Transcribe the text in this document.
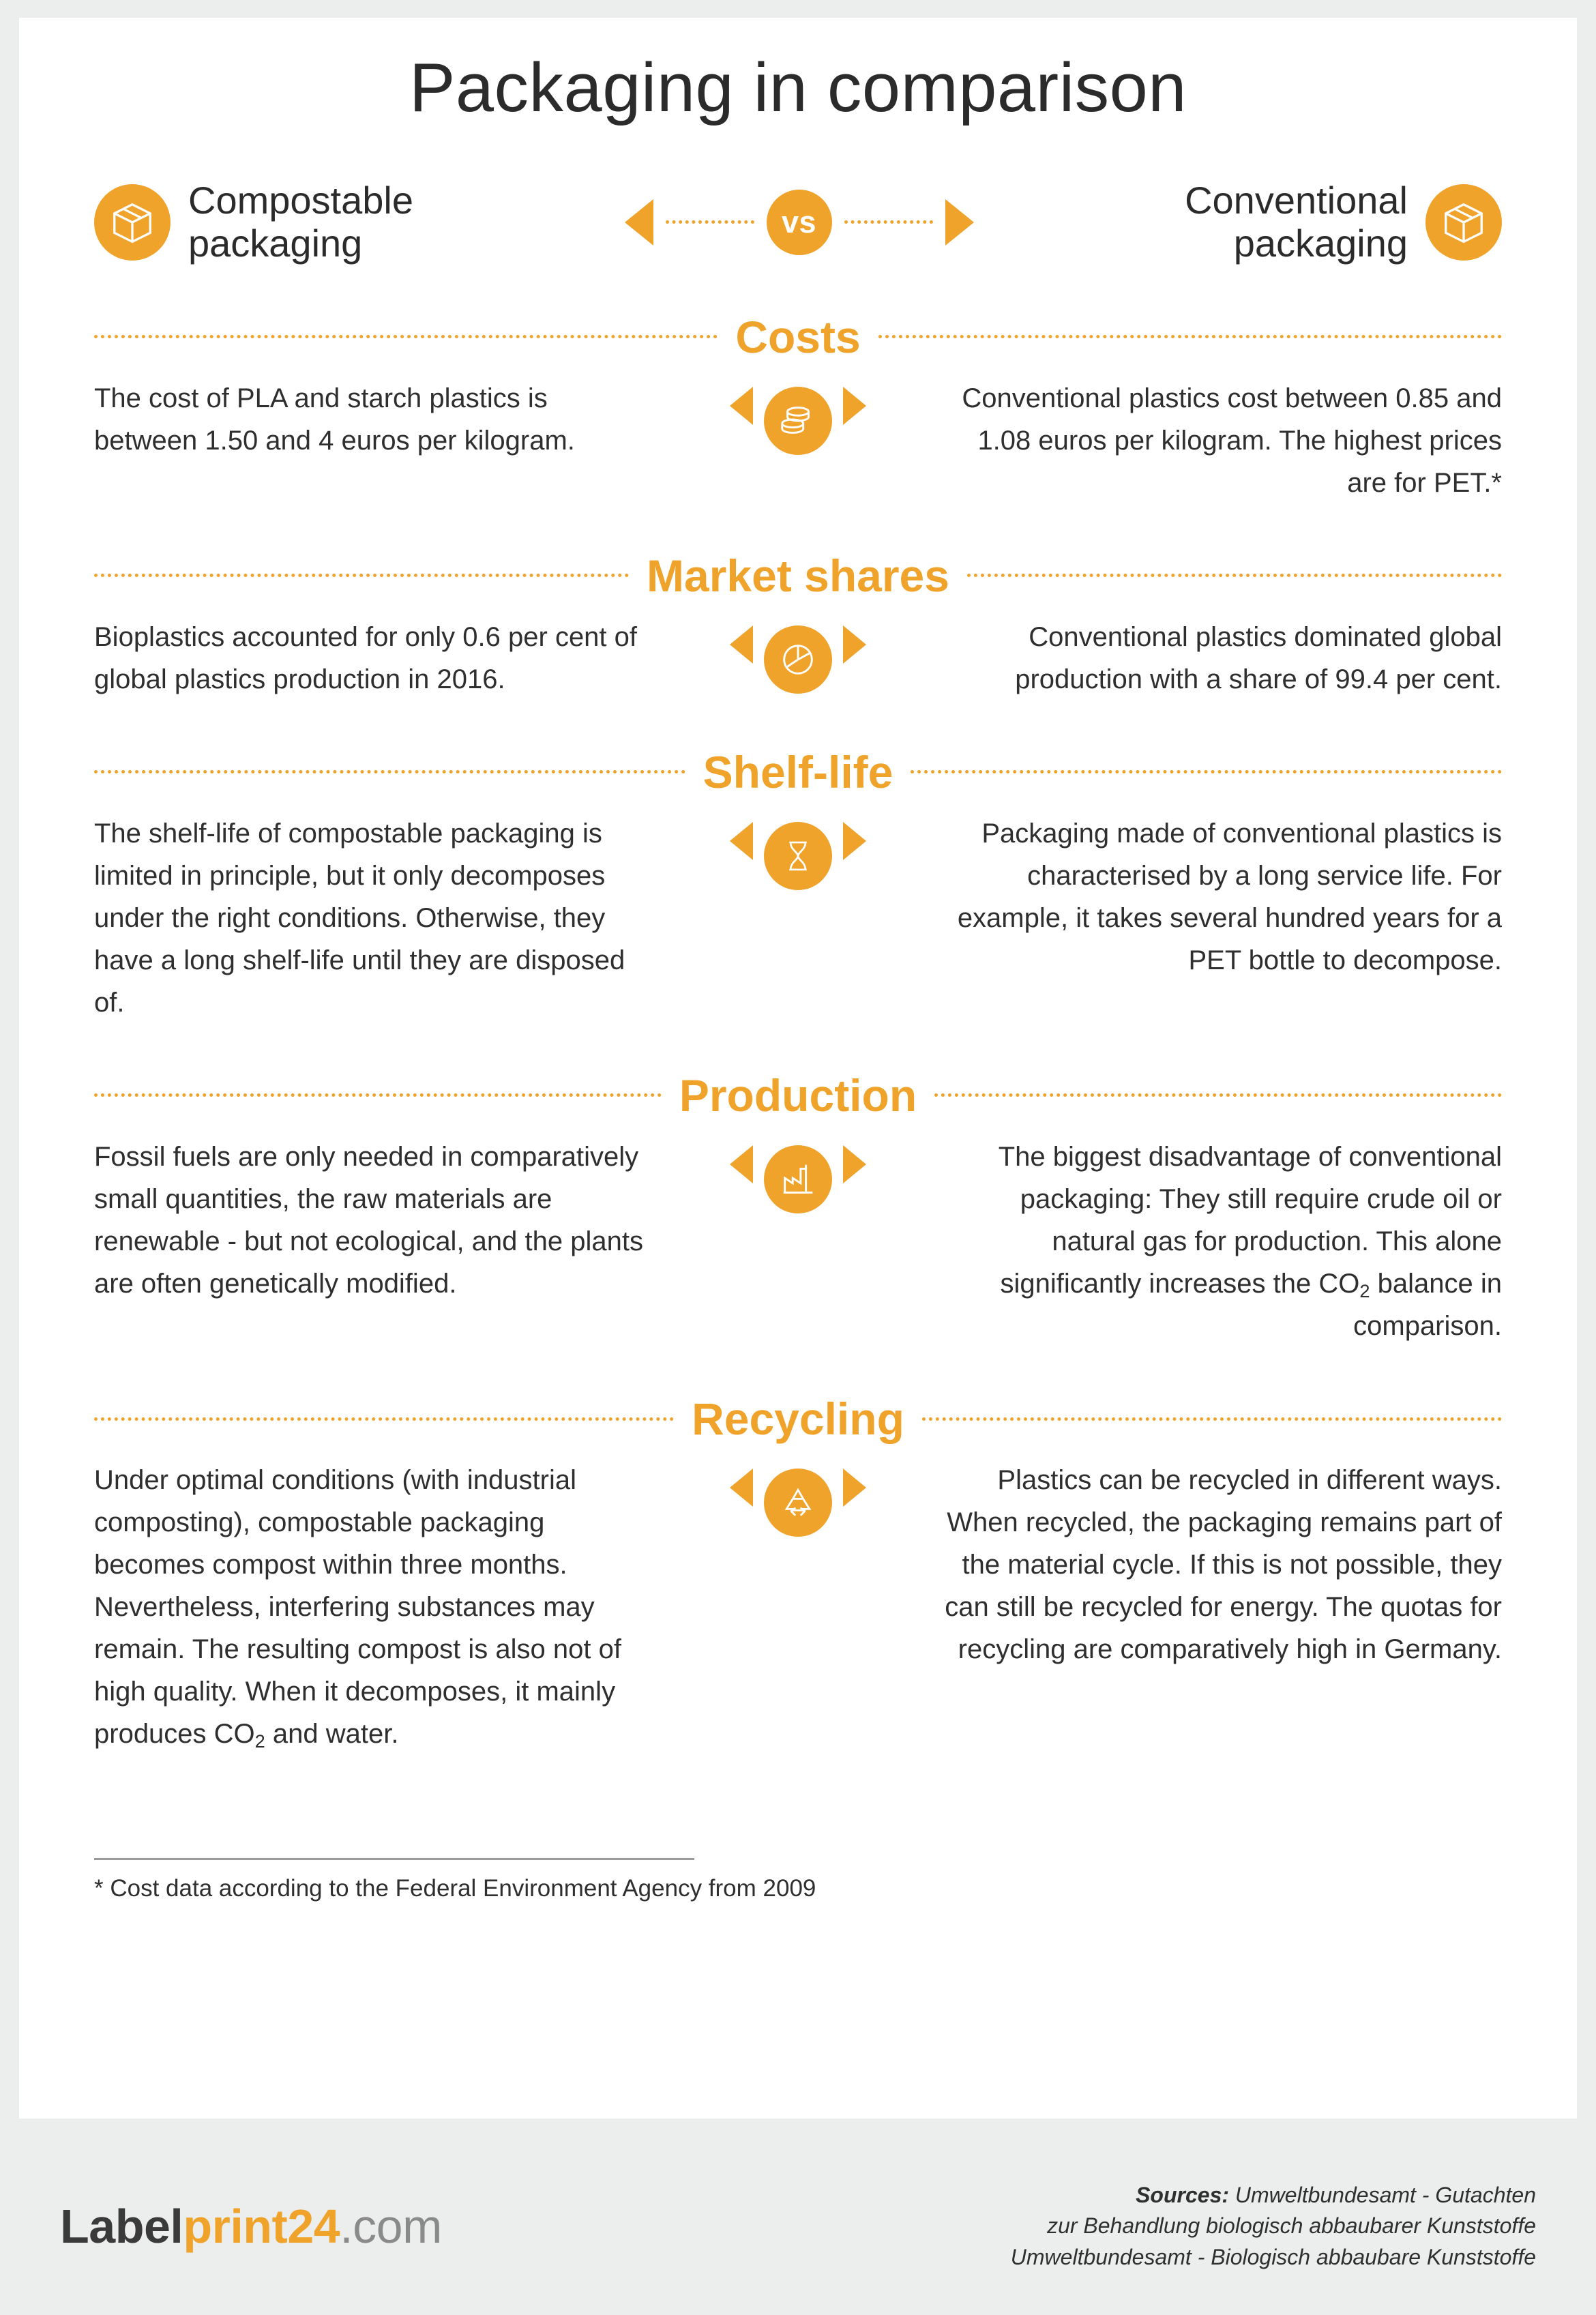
Packaging in comparison
Compostable
packaging	vs
Conventional
packaging
Costs
The cost of PLA and starch plastics is between 1.50 and 4 euros per kilogram.
Conventional plastics cost between 0.85 and 1.08 euros per kilogram. The highest prices are for PET.*
Market shares
Bioplastics accounted for only 0.6 per cent of global plastics production in 2016.
Conventional plastics dominated global production with a share of 99.4 per cent.
Shelf-life
The shelf-life of compostable packaging is limited in principle, but it only decomposes under the right conditions. Otherwise, they have a long shelf-life until they are disposed of.
Packaging made of conventional plastics is characterised by a long service life. For example, it takes several hundred years for a PET bottle to decompose.
Production
Fossil fuels are only needed in comparatively small quantities, the raw materials are renewable - but not ecological, and the plants are often genetically modified.
The biggest disadvantage of conventional packaging: They still require crude oil or natural gas for production. This alone significantly increases the $CO_2$ balance in comparison.
Recycling
Under optimal conditions (with industrial composting), compostable packaging becomes compost within three months. Nevertheless, interfering substances may remain. The resulting compost is also not of high quality. When it decomposes, it mainly produces $CO_2$ and water.
Plastics can be recycled in different ways. When recycled, the packaging remains part of the material cycle. If this is not possible, they can still be recycled for energy. The quotas for recycling are comparatively high in Germany.
* Cost data according to the Federal Environment Agency from 2009
Labelprint24.com
Sources: Umweltbundesamt - Gutachten
zur Behandlung biologisch abbaubarer Kunststoffe
Umweltbundesamt - Biologisch abbaubare Kunststoffe
